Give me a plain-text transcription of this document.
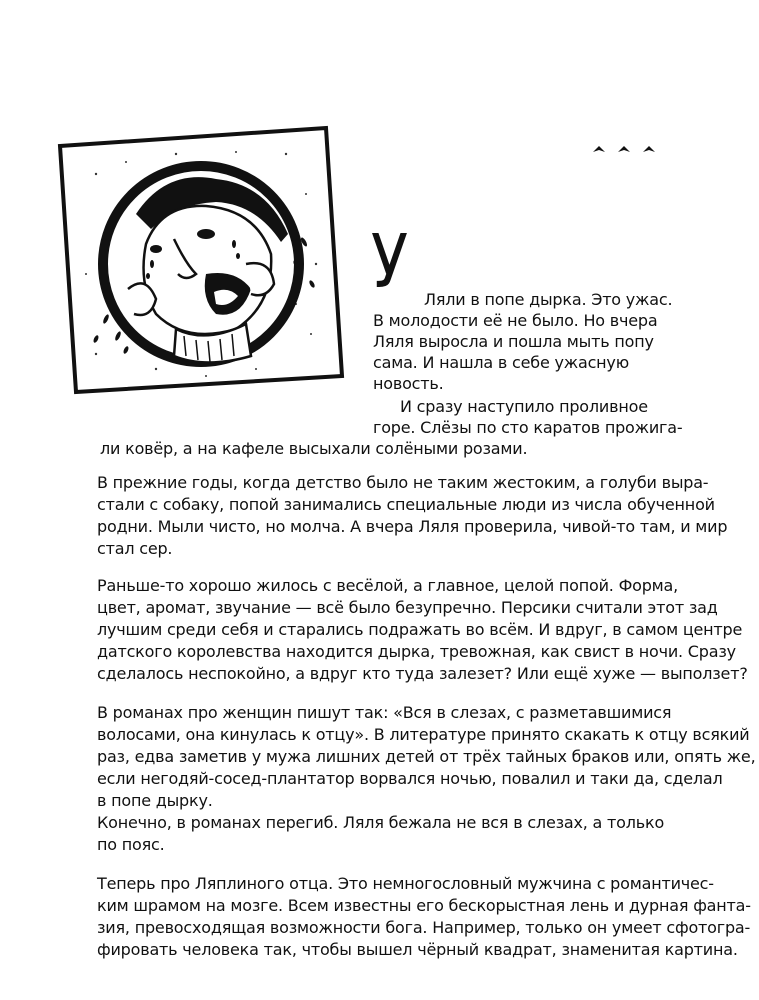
У Ляли в попе дырка. Это ужас.
В молодости её не было. Но вчера
Ляля выросла и пошла мыть попу
сама. И нашла в себе ужасную
новость.
И сразу наступило проливное
горе. Слёзы по сто каратов прожига-
ли ковёр, а на кафеле высыхали солёными розами.
В прежние годы, когда детство было не таким жестоким, а голуби выра-
стали с собаку, попой занимались специальные люди из числа обученной
родни. Мыли чисто, но молча. А вчера Ляля проверила, чивой-то там, и мир
стал сер.
Раньше-то хорошо жилось с весёлой, а главное, целой попой. Форма,
цвет, аромат, звучание — всё было безупречно. Персики считали этот зад
лучшим среди себя и старались подражать во всём. И вдруг, в самом центре
датского королевства находится дырка, тревожная, как свист в ночи. Сразу
сделалось неспокойно, а вдруг кто туда залезет? Или ещё хуже — выползет?
В романах про женщин пишут так: «Вся в слезах, с разметавшимися
волосами, она кинулась к отцу». В литературе принято скакать к отцу всякий
раз, едва заметив у мужа лишних детей от трёх тайных браков или, опять же,
если негодяй-сосед-плантатор ворвался ночью, повалил и таки да, сделал
в попе дырку.
Конечно, в романах перегиб. Ляля бежала не вся в слезах, а только
по пояс.
Теперь про Ляплиного отца. Это немногословный мужчина с романтичес-
ким шрамом на мозге. Всем известны его бескорыстная лень и дурная фанта-
зия, превосходящая возможности бога. Например, только он умеет сфотогра-
фировать человека так, чтобы вышел чёрный квадрат, знаменитая картина.
